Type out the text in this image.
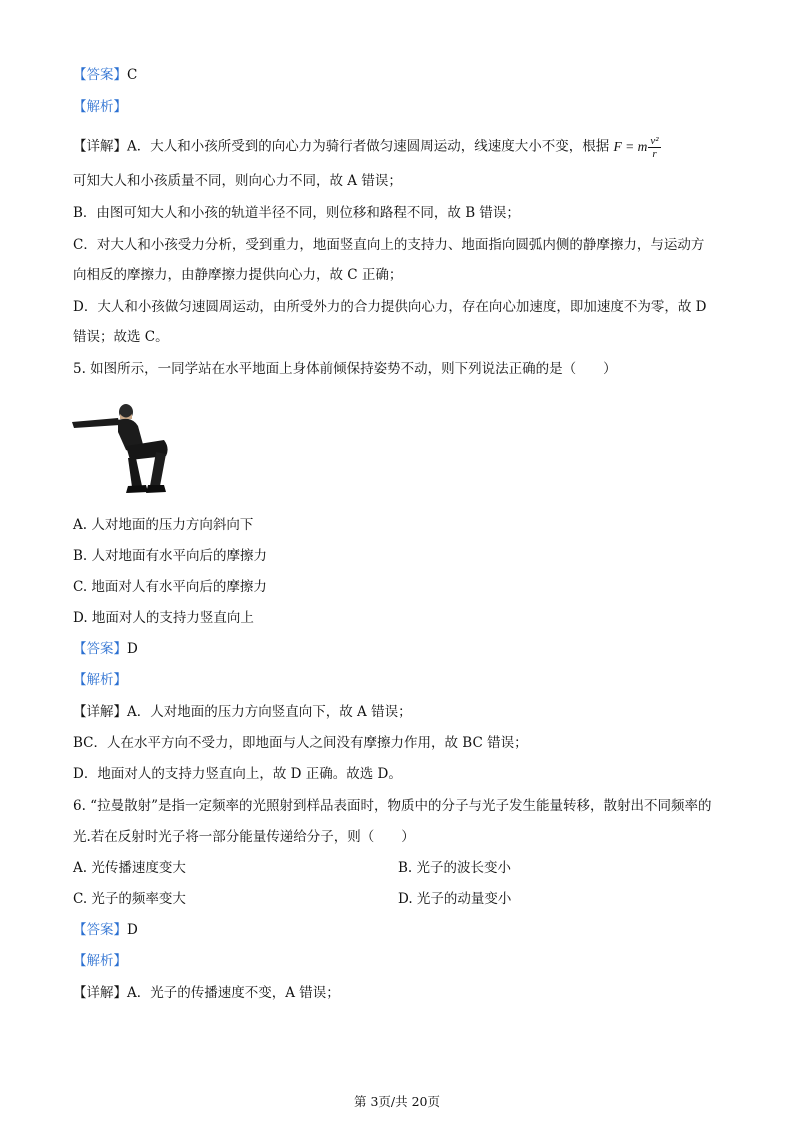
【答案】C
【解析】
【详解】A．大人和小孩所受到的向心力为骑行者做匀速圆周运动，线速度大小不变，根据 F = m $\frac{\text{v²}}{r}$
可知大人和小孩质量不同，则向心力不同，故 A 错误；
B．由图可知大人和小孩的轨道半径不同，则位移和路程不同，故 B 错误；
C．对大人和小孩受力分析，受到重力，地面竖直向上的支持力、地面指向圆弧内侧的静摩擦力，与运动方
向相反的摩擦力，由静摩擦力提供向心力，故 C 正确；
D．大人和小孩做匀速圆周运动，由所受外力的合力提供向心力，存在向心加速度，即加速度不为零，故 D
错误；故选 C。
5. 如图所示，一同学站在水平地面上身体前倾保持姿势不动，则下列说法正确的是（　　）
A. 人对地面的压力方向斜向下
B. 人对地面有水平向后的摩擦力
C. 地面对人有水平向后的摩擦力
D. 地面对人的支持力竖直向上
【答案】D
【解析】
【详解】A．人对地面的压力方向竖直向下，故 A 错误；
BC．人在水平方向不受力，即地面与人之间没有摩擦力作用，故 BC 错误；
D．地面对人的支持力竖直向上，故 D 正确。故选 D。
6. “拉曼散射”是指一定频率的光照射到样品表面时，物质中的分子与光子发生能量转移，散射出不同频率的
光.若在反射时光子将一部分能量传递给分子，则（　　）
A. 光传播速度变大	B. 光子的波长变小
C. 光子的频率变大	D. 光子的动量变小
【答案】D
【解析】
【详解】A．光子的传播速度不变，A 错误；
第 3页/共 20页
